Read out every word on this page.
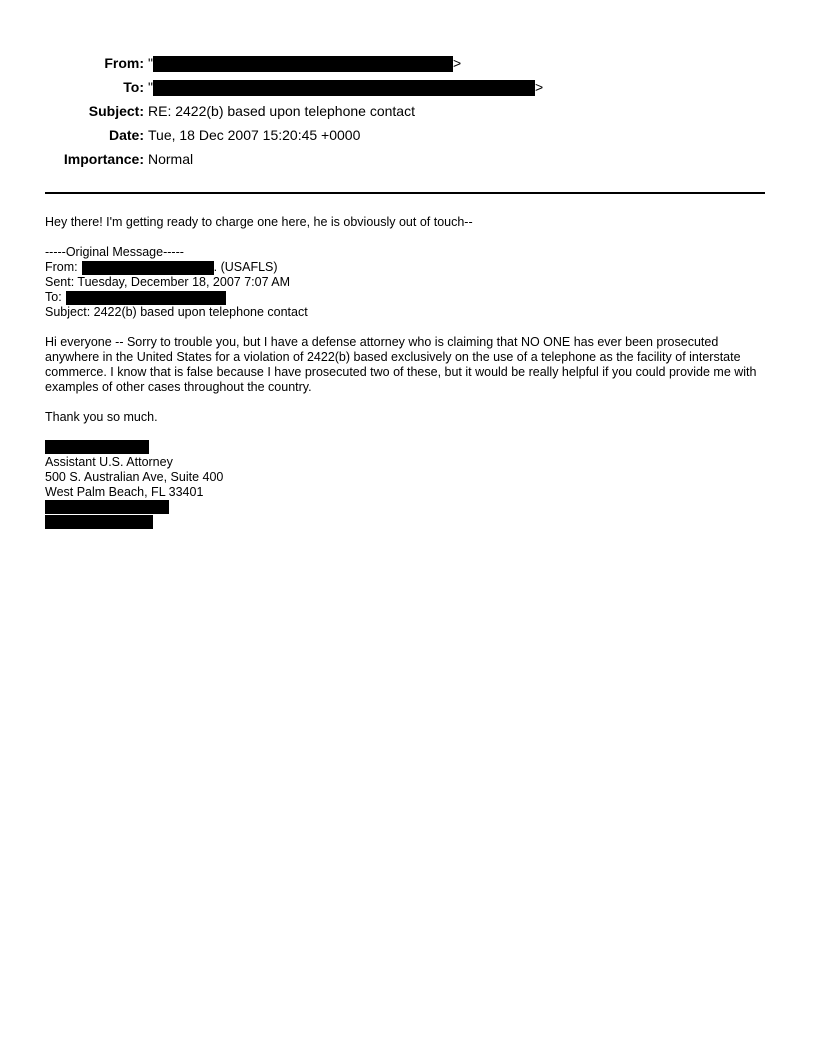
From: "	>
To: "	>
Subject: RE: 2422(b) based upon telephone contact
Date: Tue, 18 Dec 2007 15:20:45 +0000
Importance: Normal
Hey there! I'm getting ready to charge one here, he is obviously out of touch--
-----Original Message-----
From:	. (USAFLS)
Sent: Tuesday, December 18, 2007 7:07 AM
To:
Subject: 2422(b) based upon telephone contact
Hi everyone -- Sorry to trouble you, but I have a defense attorney who is claiming that NO ONE has ever been prosecuted anywhere in the United States for a violation of 2422(b) based exclusively on the use of a telephone as the facility of interstate commerce. I know that is false because I have prosecuted two of these, but it would be really helpful if you could provide me with examples of other cases throughout the country.
Thank you so much.
Assistant U.S. Attorney
500 S. Australian Ave, Suite 400
West Palm Beach, FL 33401
